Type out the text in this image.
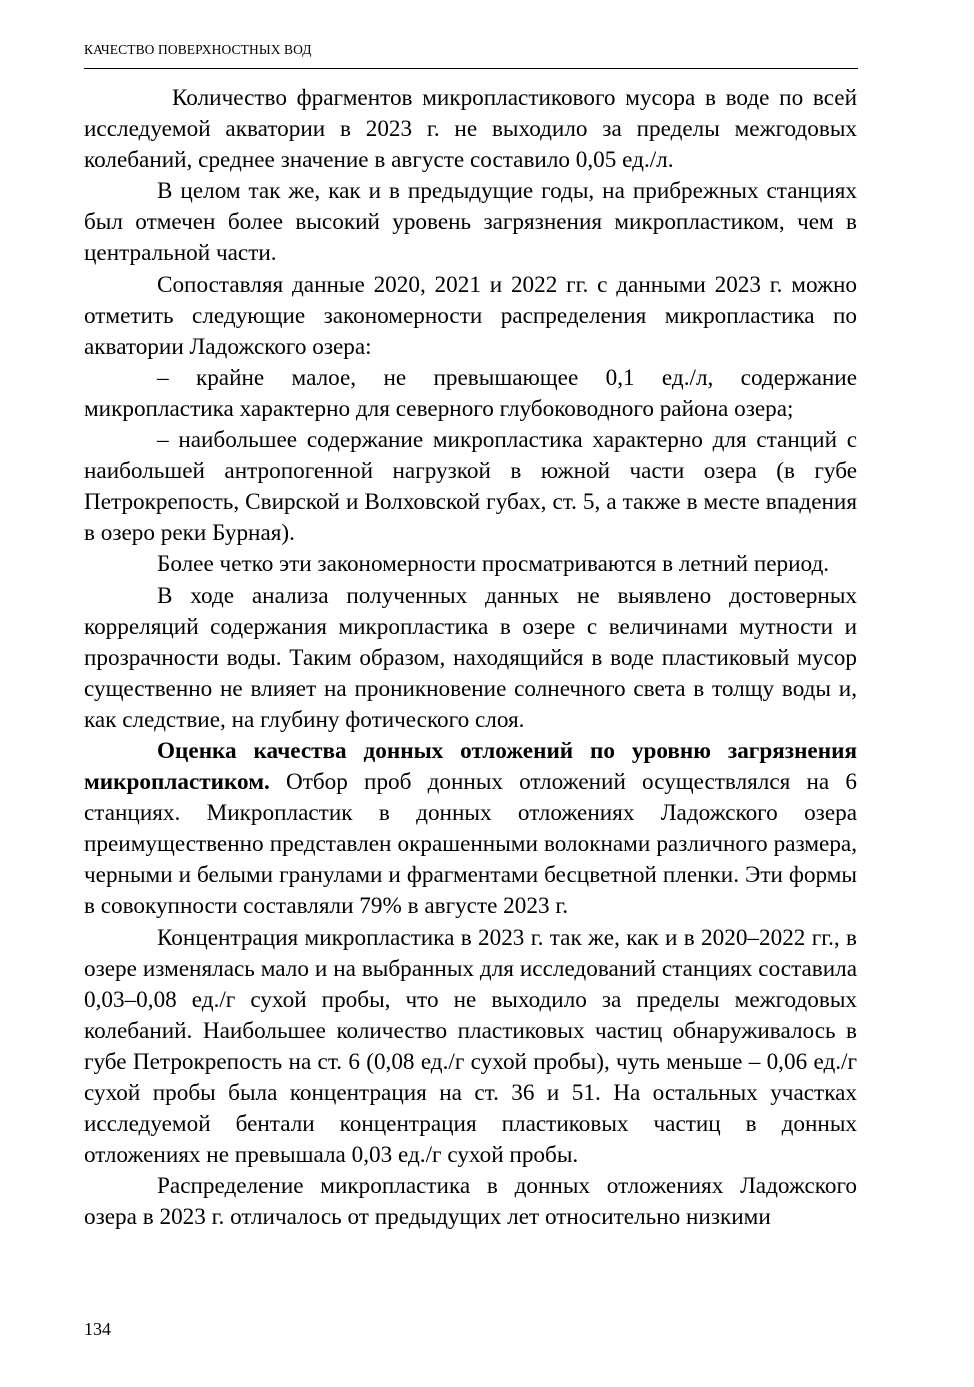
КАЧЕСТВО ПОВЕРХНОСТНЫХ ВОД

Количество фрагментов микропластикового мусора в воде по всей исследуемой акватории в 2023 г. не выходило за пределы межгодовых колебаний, среднее значение в августе составило 0,05 ед./л.

В целом так же, как и в предыдущие годы, на прибрежных станциях был отмечен более высокий уровень загрязнения микропластиком, чем в центральной части.

Сопоставляя данные 2020, 2021 и 2022 гг. с данными 2023 г. можно отметить следующие закономерности распределения микропластика по акватории Ладожского озера:

– крайне малое, не превышающее 0,1 ед./л, содержание микропластика характерно для северного глубоководного района озера;

– наибольшее содержание микропластика характерно для станций с наибольшей антропогенной нагрузкой в южной части озера (в губе Петрокрепость, Свирской и Волховской губах, ст. 5, а также в месте впадения в озеро реки Бурная).

Более четко эти закономерности просматриваются в летний период.

В ходе анализа полученных данных не выявлено достоверных корреляций содержания микропластика в озере с величинами мутности и прозрачности воды. Таким образом, находящийся в воде пластиковый мусор существенно не влияет на проникновение солнечного света в толщу воды и, как следствие, на глубину фотического слоя.

Оценка качества донных отложений по уровню загрязнения микропластиком. Отбор проб донных отложений осуществлялся на 6 станциях. Микропластик в донных отложениях Ладожского озера преимущественно представлен окрашенными волокнами различного размера, черными и белыми гранулами и фрагментами бесцветной пленки. Эти формы в совокупности составляли 79% в августе 2023 г.

Концентрация микропластика в 2023 г. так же, как и в 2020–2022 гг., в озере изменялась мало и на выбранных для исследований станциях составила 0,03–0,08 ед./г сухой пробы, что не выходило за пределы межгодовых колебаний. Наибольшее количество пластиковых частиц обнаруживалось в губе Петрокрепость на ст. 6 (0,08 ед./г сухой пробы), чуть меньше – 0,06 ед./г сухой пробы была концентрация на ст. 36 и 51. На остальных участках исследуемой бентали концентрация пластиковых частиц в донных отложениях не превышала 0,03 ед./г сухой пробы.

Распределение микропластика в донных отложениях Ладожского озера в 2023 г. отличалось от предыдущих лет относительно низкими

134
